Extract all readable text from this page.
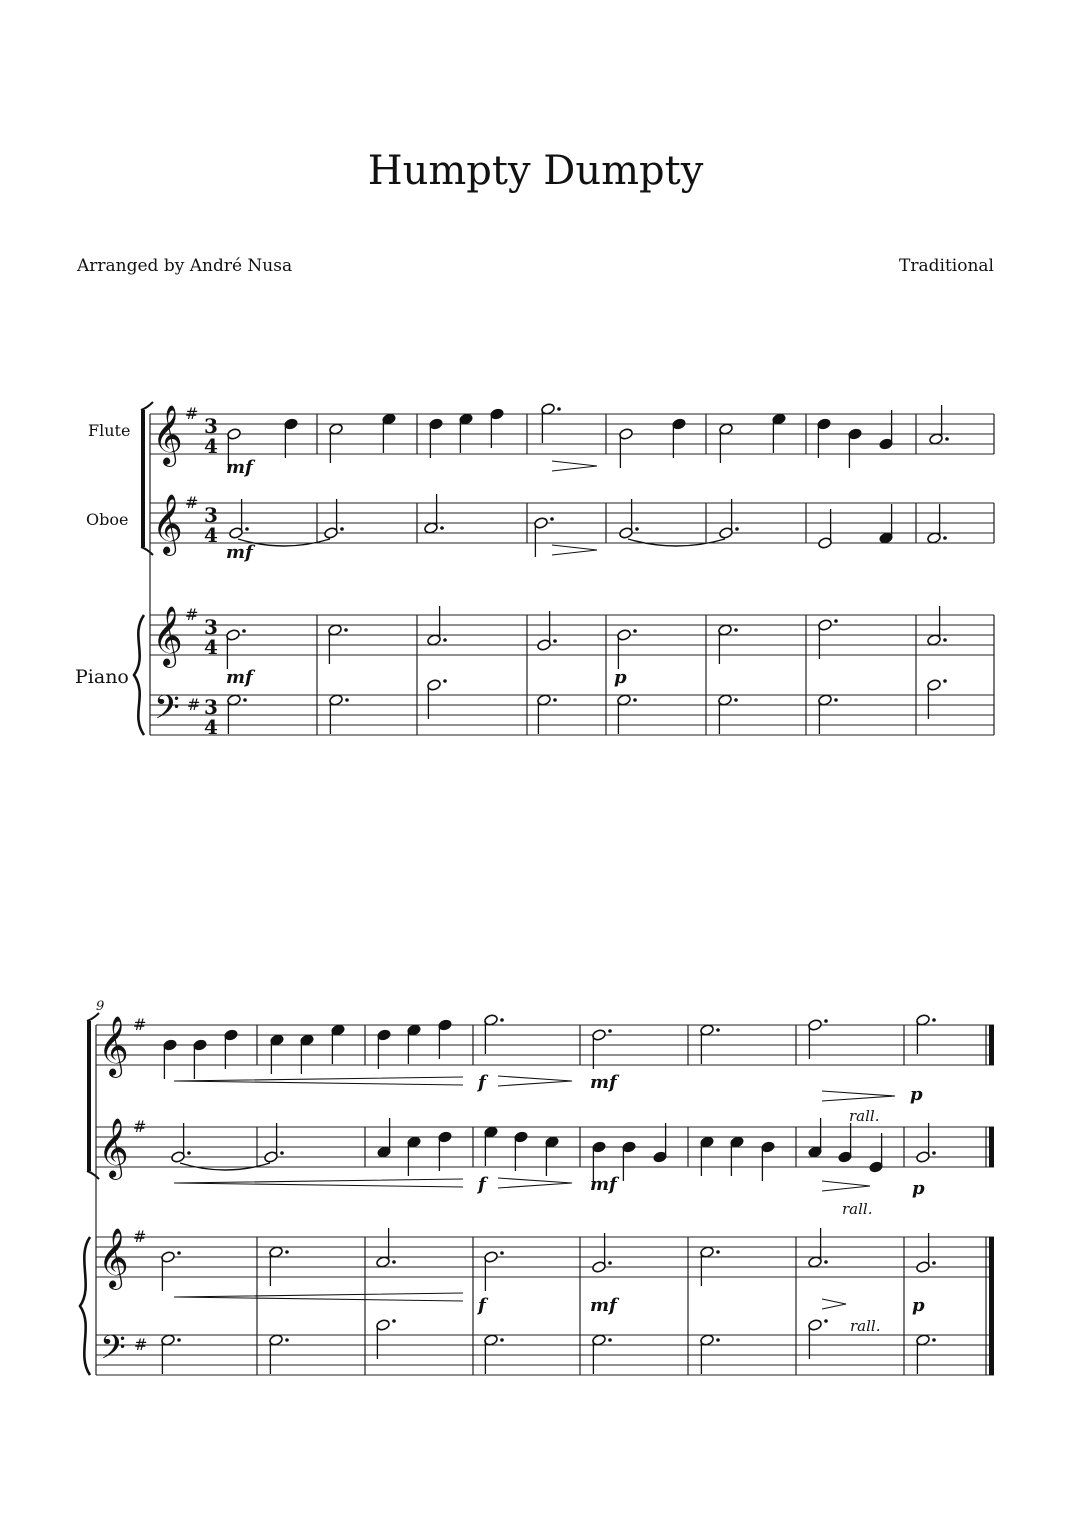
Humpty Dumpty
Arranged by André Nusa	Traditional
𝄞 #
3
4
𝄞 #
3
4
𝄞 #
3
4
𝄢 # 3
4
mf
mf
mf	p
𝄞 #
𝄞 #
𝄞 #
𝄢 #
f	mf
rall.
p
f	mf
rall.
p
f	mf
rall.
p
Flute
Oboe
Piano
9
